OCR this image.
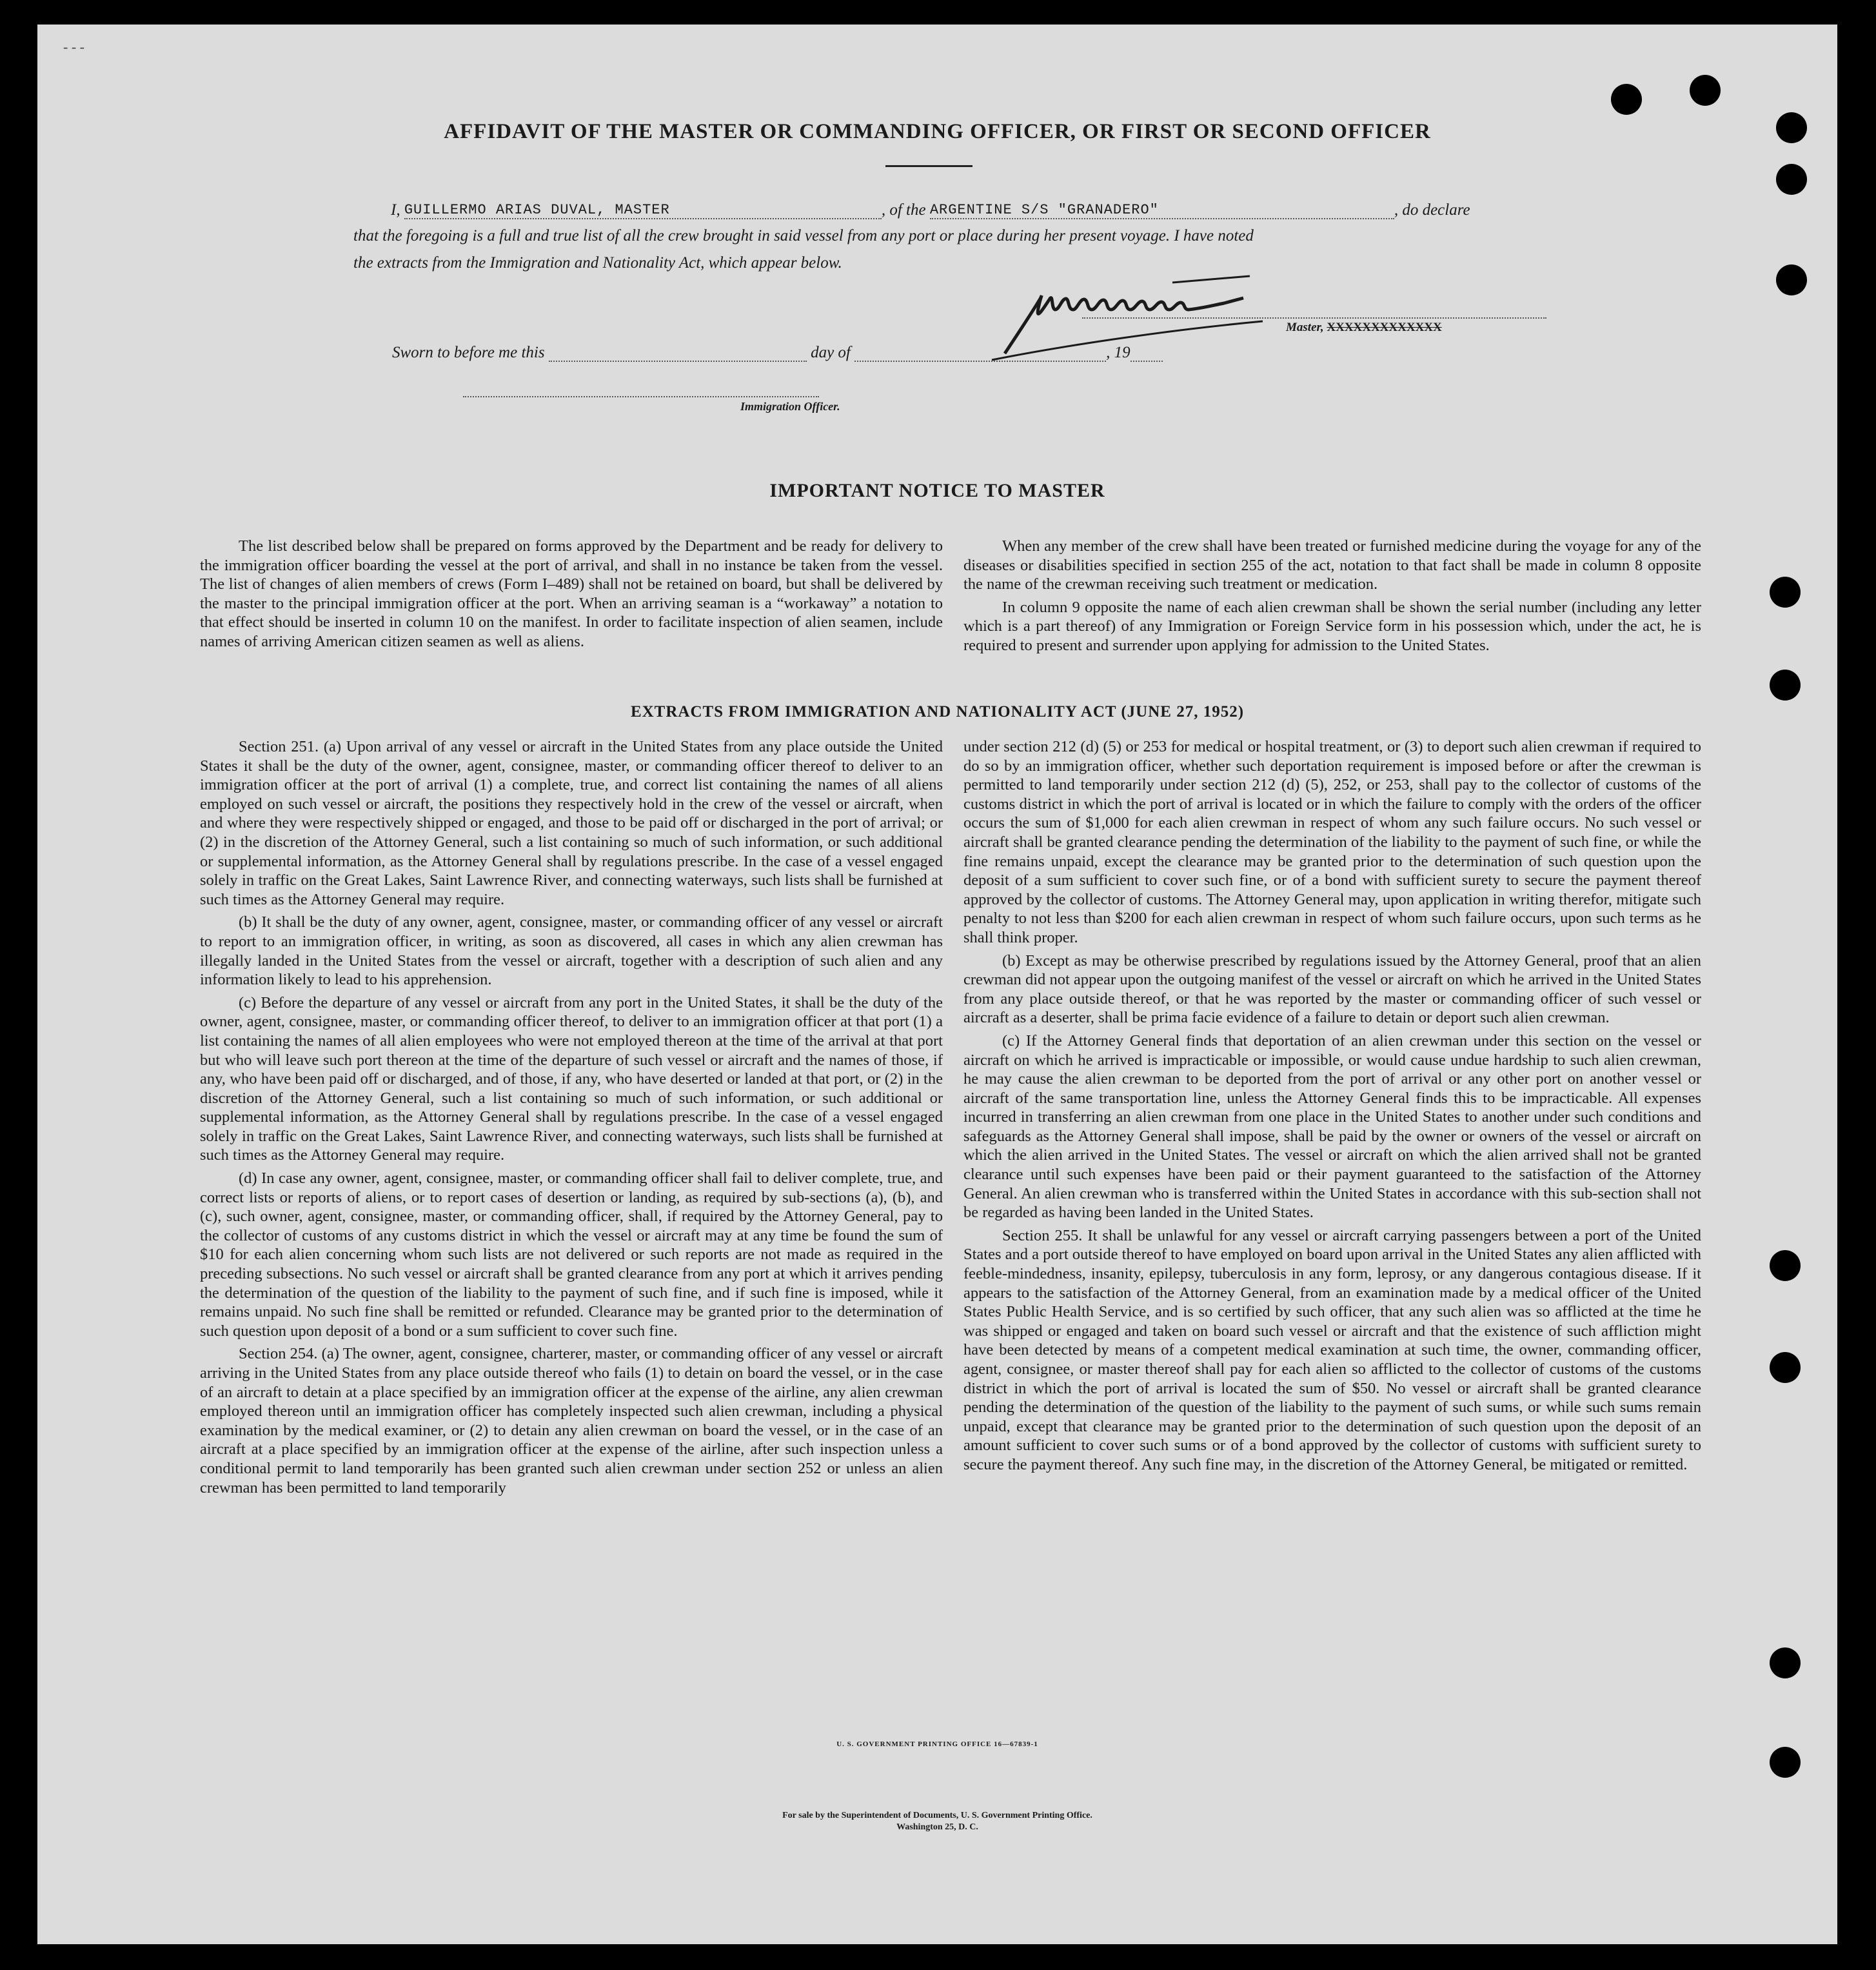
- ‑ -
AFFIDAVIT OF THE MASTER OR COMMANDING OFFICER, OR FIRST OR SECOND OFFICER
I, GUILLERMO ARIAS DUVAL, MASTER	, of the ARGENTINE S/S "GRANADERO"	, do declare
that the foregoing is a full and true list of all the crew brought in said vessel from any port or place during her present voyage. I have noted
the extracts from the Immigration and Nationality Act, which appear below.
Master, XXXXXXXXXXXXX
Sworn to before me this	day of	, 19
Immigration Officer.
IMPORTANT NOTICE TO MASTER

The list described below shall be prepared on forms approved by the Department and be ready for delivery to the immigration officer boarding the vessel at the port of arrival, and shall in no instance be taken from the vessel. The list of changes of alien members of crews (Form I–489) shall not be retained on board, but shall be delivered by the master to the principal immigration officer at the port. When an arriving seaman is a “workaway” a notation to that effect should be inserted in column 10 on the manifest. In order to facilitate inspection of alien seamen, include names of arriving American citizen seamen as well as aliens.

When any member of the crew shall have been treated or furnished medicine during the voyage for any of the diseases or disabilities specified in section 255 of the act, notation to that fact shall be made in column 8 opposite the name of the crewman receiving such treatment or medication.

In column 9 opposite the name of each alien crewman shall be shown the serial number (including any letter which is a part thereof) of any Immigration or Foreign Service form in his possession which, under the act, he is required to present and surrender upon applying for admission to the United States.

EXTRACTS FROM IMMIGRATION AND NATIONALITY ACT (JUNE 27, 1952)

Section 251. (a) Upon arrival of any vessel or aircraft in the United States from any place outside the United States it shall be the duty of the owner, agent, consignee, master, or commanding officer thereof to deliver to an immigration officer at the port of arrival (1) a complete, true, and correct list containing the names of all aliens employed on such vessel or aircraft, the positions they respectively hold in the crew of the vessel or aircraft, when and where they were respectively shipped or engaged, and those to be paid off or discharged in the port of arrival; or (2) in the discretion of the Attorney General, such a list containing so much of such information, or such additional or supplemental information, as the Attorney General shall by regulations prescribe. In the case of a vessel engaged solely in traffic on the Great Lakes, Saint Lawrence River, and connecting waterways, such lists shall be furnished at such times as the Attorney General may require.

(b) It shall be the duty of any owner, agent, consignee, master, or commanding officer of any vessel or aircraft to report to an immigration officer, in writing, as soon as discovered, all cases in which any alien crewman has illegally landed in the United States from the vessel or aircraft, together with a description of such alien and any information likely to lead to his apprehension.

(c) Before the departure of any vessel or aircraft from any port in the United States, it shall be the duty of the owner, agent, consignee, master, or commanding officer thereof, to deliver to an immigration officer at that port (1) a list containing the names of all alien employees who were not employed thereon at the time of the arrival at that port but who will leave such port thereon at the time of the departure of such vessel or aircraft and the names of those, if any, who have been paid off or discharged, and of those, if any, who have deserted or landed at that port, or (2) in the discretion of the Attorney General, such a list containing so much of such information, or such additional or supplemental information, as the Attorney General shall by regulations prescribe. In the case of a vessel engaged solely in traffic on the Great Lakes, Saint Lawrence River, and connecting waterways, such lists shall be furnished at such times as the Attorney General may require.

(d) In case any owner, agent, consignee, master, or commanding officer shall fail to deliver complete, true, and correct lists or reports of aliens, or to report cases of desertion or landing, as required by sub-sections (a), (b), and (c), such owner, agent, consignee, master, or commanding officer, shall, if required by the Attorney General, pay to the collector of customs of any customs district in which the vessel or aircraft may at any time be found the sum of $10 for each alien concerning whom such lists are not delivered or such reports are not made as required in the preceding subsections. No such vessel or aircraft shall be granted clearance from any port at which it arrives pending the determination of the question of the liability to the payment of such fine, and if such fine is imposed, while it remains unpaid. No such fine shall be remitted or refunded. Clearance may be granted prior to the determination of such question upon deposit of a bond or a sum sufficient to cover such fine.

Section 254. (a) The owner, agent, consignee, charterer, master, or commanding officer of any vessel or aircraft arriving in the United States from any place outside thereof who fails (1) to detain on board the vessel, or in the case of an aircraft to detain at a place specified by an immigration officer at the expense of the airline, any alien crewman employed thereon until an immigration officer has completely inspected such alien crewman, including a physical examination by the medical examiner, or (2) to detain any alien crewman on board the vessel, or in the case of an aircraft at a place specified by an immigration officer at the expense of the airline, after such inspection unless a conditional permit to land temporarily has been granted such alien crewman under section 252 or unless an alien crewman has been permitted to land temporarily

under section 212 (d) (5) or 253 for medical or hospital treatment, or (3) to deport such alien crewman if required to do so by an immigration officer, whether such deportation requirement is imposed before or after the crewman is permitted to land temporarily under section 212 (d) (5), 252, or 253, shall pay to the collector of customs of the customs district in which the port of arrival is located or in which the failure to comply with the orders of the officer occurs the sum of $1,000 for each alien crewman in respect of whom any such failure occurs. No such vessel or aircraft shall be granted clearance pending the determination of the liability to the payment of such fine, or while the fine remains unpaid, except the clearance may be granted prior to the determination of such question upon the deposit of a sum sufficient to cover such fine, or of a bond with sufficient surety to secure the payment thereof approved by the collector of customs. The Attorney General may, upon application in writing therefor, mitigate such penalty to not less than $200 for each alien crewman in respect of whom such failure occurs, upon such terms as he shall think proper.

(b) Except as may be otherwise prescribed by regulations issued by the Attorney General, proof that an alien crewman did not appear upon the outgoing manifest of the vessel or aircraft on which he arrived in the United States from any place outside thereof, or that he was reported by the master or commanding officer of such vessel or aircraft as a deserter, shall be prima facie evidence of a failure to detain or deport such alien crewman.

(c) If the Attorney General finds that deportation of an alien crewman under this section on the vessel or aircraft on which he arrived is impracticable or impossible, or would cause undue hardship to such alien crewman, he may cause the alien crewman to be deported from the port of arrival or any other port on another vessel or aircraft of the same transportation line, unless the Attorney General finds this to be impracticable. All expenses incurred in transferring an alien crewman from one place in the United States to another under such conditions and safeguards as the Attorney General shall impose, shall be paid by the owner or owners of the vessel or aircraft on which the alien arrived in the United States. The vessel or aircraft on which the alien arrived shall not be granted clearance until such expenses have been paid or their payment guaranteed to the satisfaction of the Attorney General. An alien crewman who is transferred within the United States in accordance with this sub-section shall not be regarded as having been landed in the United States.

Section 255. It shall be unlawful for any vessel or aircraft carrying passengers between a port of the United States and a port outside thereof to have employed on board upon arrival in the United States any alien afflicted with feeble-mindedness, insanity, epilepsy, tuberculosis in any form, leprosy, or any dangerous contagious disease. If it appears to the satisfaction of the Attorney General, from an examination made by a medical officer of the United States Public Health Service, and is so certified by such officer, that any such alien was so afflicted at the time he was shipped or engaged and taken on board such vessel or aircraft and that the existence of such affliction might have been detected by means of a competent medical examination at such time, the owner, commanding officer, agent, consignee, or master thereof shall pay for each alien so afflicted to the collector of customs of the customs district in which the port of arrival is located the sum of $50. No vessel or aircraft shall be granted clearance pending the determination of the question of the liability to the payment of such sums, or while such sums remain unpaid, except that clearance may be granted prior to the determination of such question upon the deposit of an amount sufficient to cover such sums or of a bond approved by the collector of customs with sufficient surety to secure the payment thereof. Any such fine may, in the discretion of the Attorney General, be mitigated or remitted.

U. S. GOVERNMENT PRINTING OFFICE 16—67839-1
For sale by the Superintendent of Documents, U. S. Government Printing Office.
Washington 25, D. C.
